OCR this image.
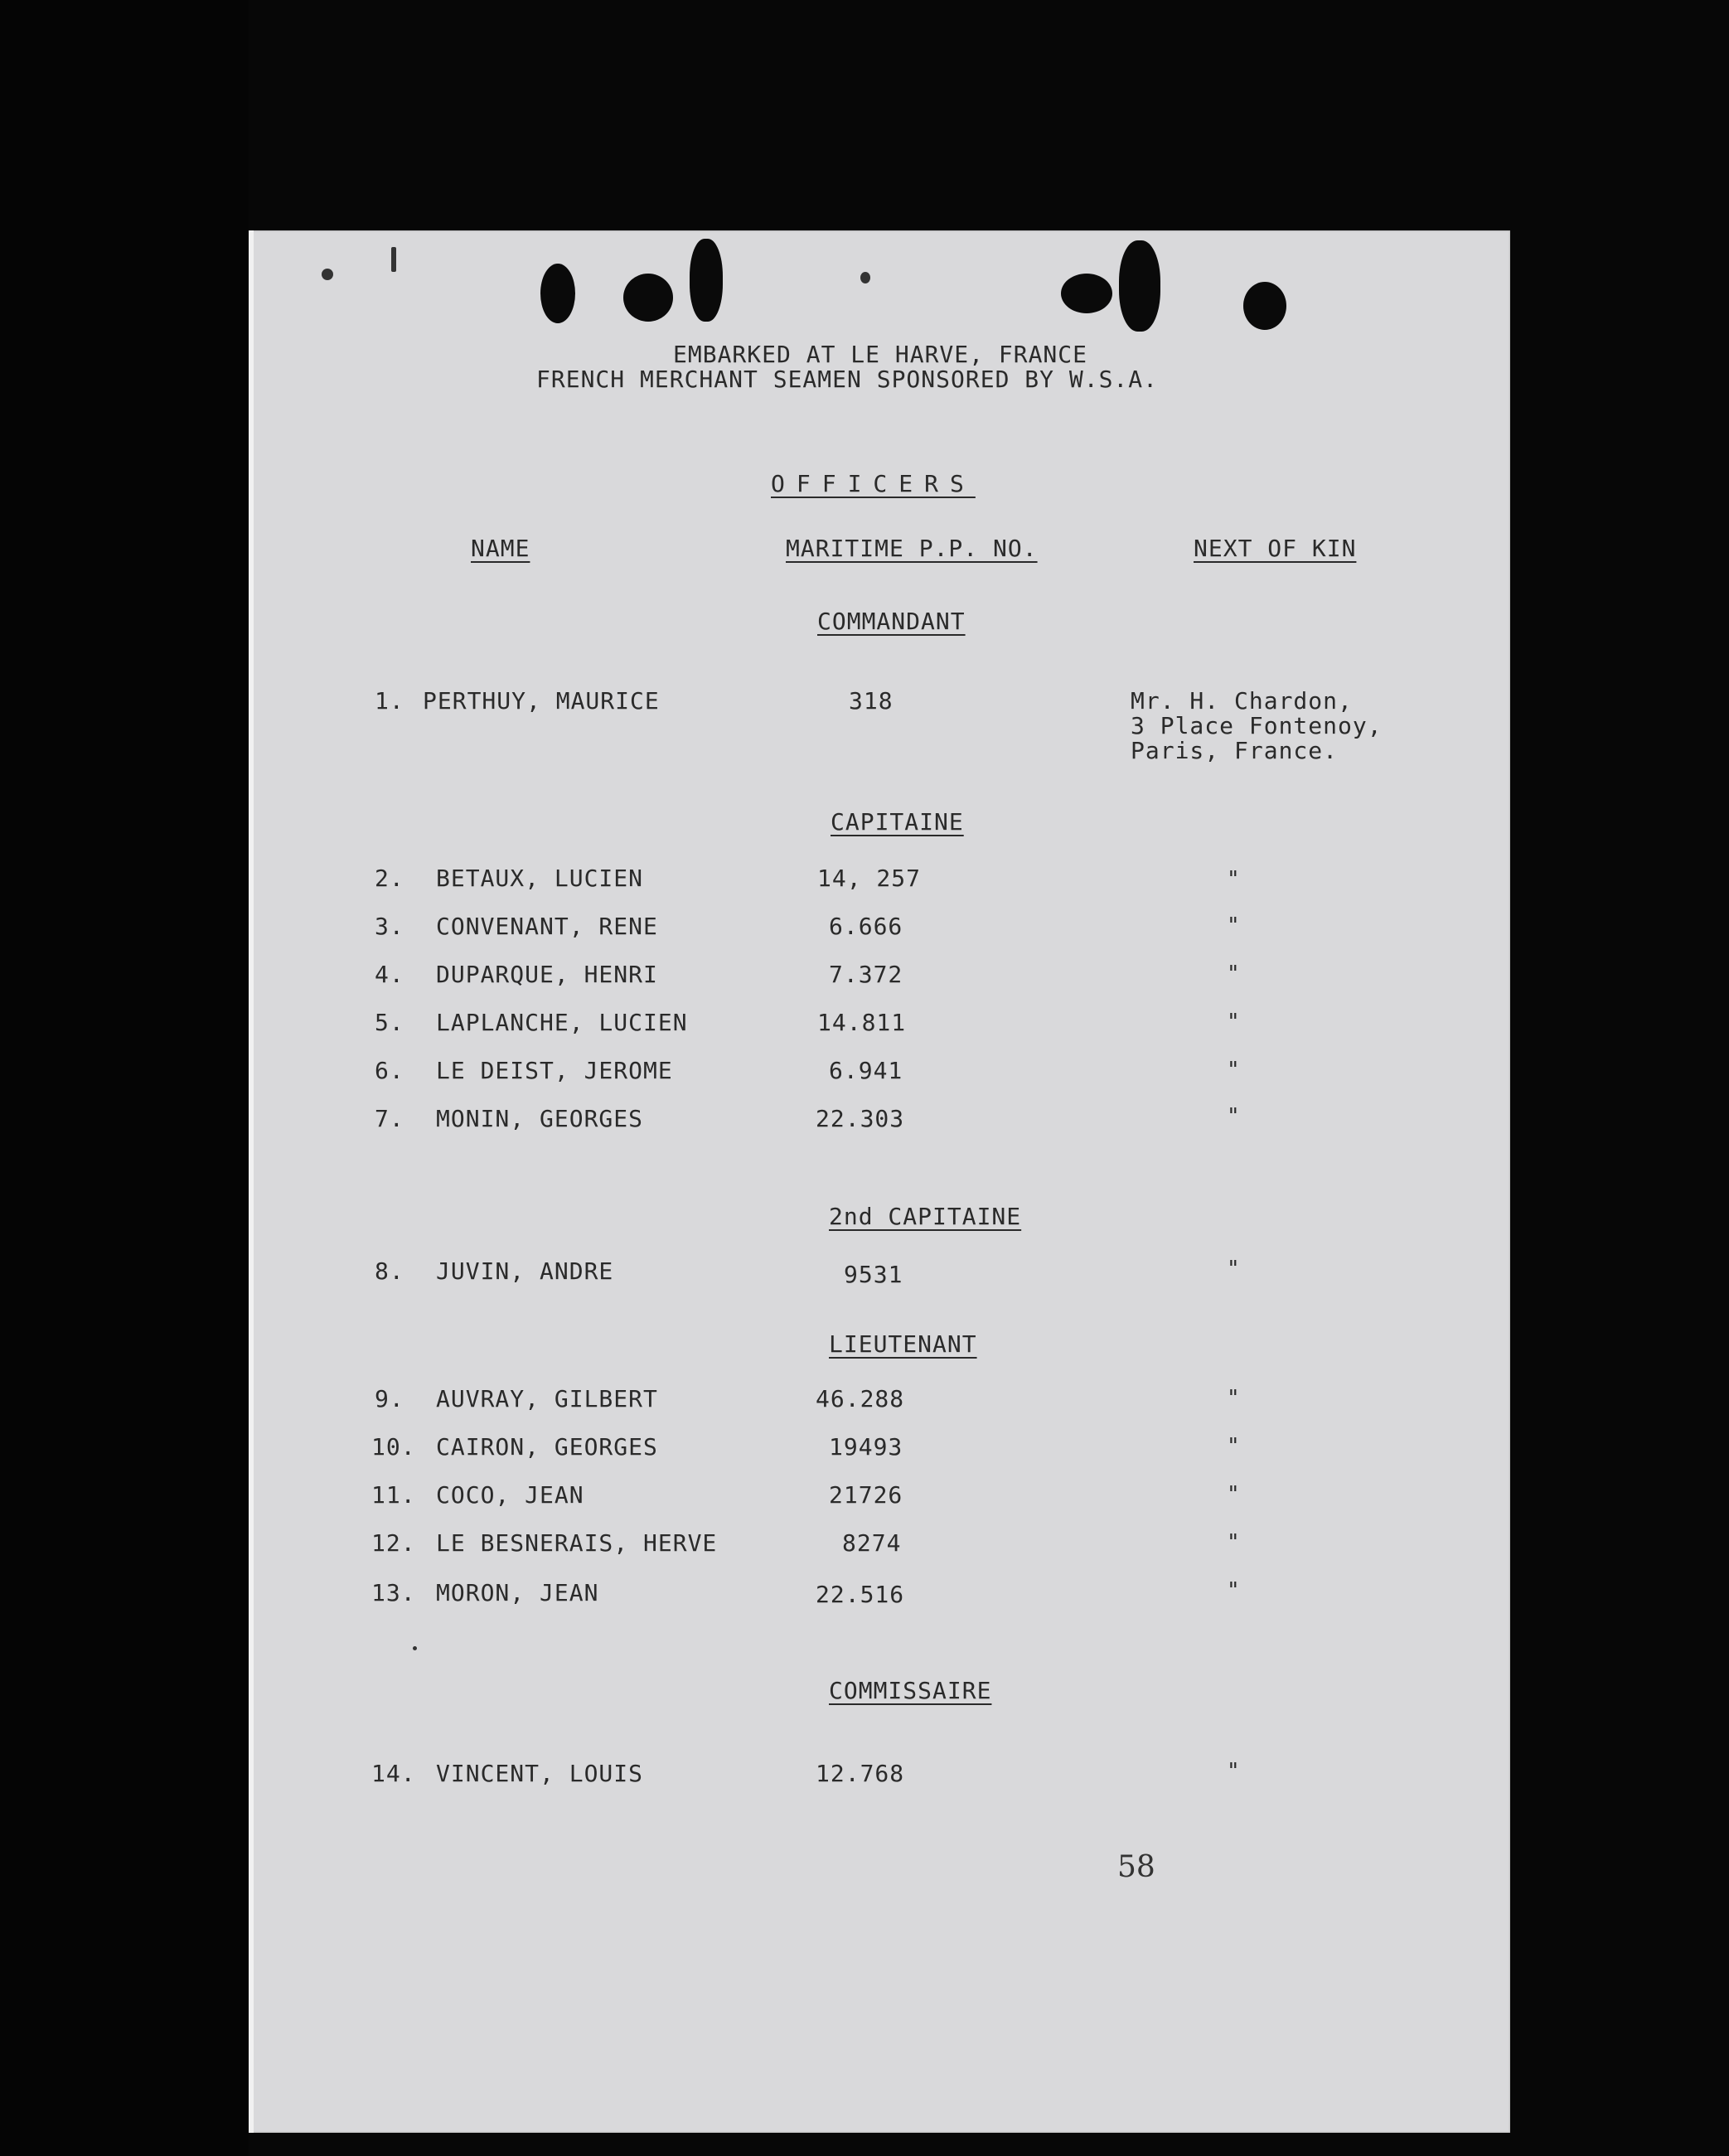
EMBARKED AT LE HARVE, FRANCE
FRENCH MERCHANT SEAMEN SPONSORED BY W.S.A.
OFFICERS
NAME	MARITIME P.P. NO.	NEXT OF KIN
COMMANDANT
1. PERTHUY, MAURICE	318	Mr. H. Chardon,
3 Place Fontenoy,
Paris, France.
CAPITAINE
2. BETAUX, LUCIEN	14, 257	"
3. CONVENANT, RENE	6.666	"
4. DUPARQUE, HENRI	7.372	"
5. LAPLANCHE, LUCIEN	14.811	"
6. LE DEIST, JEROME	6.941	"
7. MONIN, GEORGES	22.303	"
2nd CAPITAINE
8. JUVIN, ANDRE	9531	"
LIEUTENANT
9. AUVRAY, GILBERT	46.288	"
10. CAIRON, GEORGES	19493	"
11. COCO, JEAN	21726	"
12. LE BESNERAIS, HERVE	8274	"
13. MORON, JEAN	22.516	"
COMMISSAIRE
14. VINCENT, LOUIS	12.768	"
58
